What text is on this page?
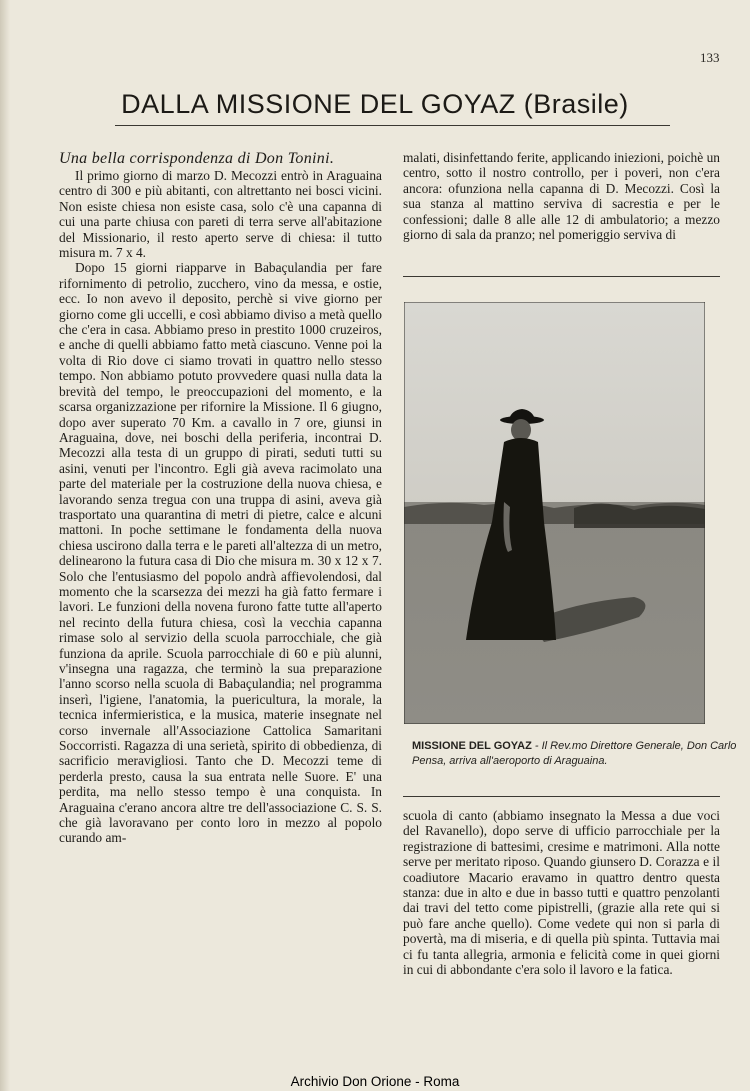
133
DALLA MISSIONE DEL GOYAZ (Brasile)

Una bella corrispondenza di Don Tonini.

Il primo giorno di marzo D. Mecozzi entrò in Araguaina centro di 300 e più abitanti, con altrettanto nei bosci vicini. Non esiste chiesa non esiste casa, solo c'è una capanna di cui una parte chiusa con pareti di terra serve all'abitazione del Missionario, il resto aperto serve di chiesa: il tutto misura m. 7 x 4.

Dopo 15 giorni riapparve in Babaçulandia per fare rifornimento di petrolio, zucchero, vino da messa, e ostie, ecc. Io non avevo il deposito, perchè si vive giorno per giorno come gli uccelli, e così abbiamo diviso a metà quello che c'era in casa. Abbiamo preso in prestito 1000 cruzeiros, e anche di quelli abbiamo fatto metà ciascuno. Venne poi la volta di Rio dove ci siamo trovati in quattro nello stesso tempo. Non abbiamo potuto provvedere quasi nulla data la brevità del tempo, le preoccupazioni del momento, e la scarsa organizzazione per rifornire la Missione. Il 6 giugno, dopo aver superato 70 Km. a cavallo in 7 ore, giunsi in Araguaina, dove, nei boschi della periferia, incontrai D. Mecozzi alla testa di un gruppo di pirati, seduti tutti su asini, venuti per l'incontro. Egli già aveva racimolato una parte del materiale per la costruzione della nuova chiesa, e lavorando senza tregua con una truppa di asini, aveva già trasportato una quarantina di metri di pietre, calce e alcuni mattoni. In poche settimane le fondamenta della nuova chiesa uscirono dalla terra e le pareti all'altezza di un metro, delinearono la futura casa di Dio che misura m. 30 x 12 x 7. Solo che l'entusiasmo del popolo andrà affievolendosi, dal momento che la scarsezza dei mezzi ha già fatto fermare i lavori. Le funzioni della novena furono fatte tutte all'aperto nel recinto della futura chiesa, così la vecchia capanna rimase solo al servizio della scuola parrocchiale, che già funziona da aprile. Scuola parrocchiale di 60 e più alunni, v'insegna una ragazza, che terminò la sua preparazione l'anno scorso nella scuola di Babaçulandia; nel programma inserì, l'igiene, l'anatomia, la puericultura, la morale, la tecnica infermieristica, e la musica, materie insegnate nel corso invernale all'Associazione Cattolica Samaritani Soccorristi. Ragazza di una serietà, spirito di obbedienza, di sacrificio meravigliosi. Tanto che D. Mecozzi teme di perderla presto, causa la sua entrata nelle Suore. E' una perdita, ma nello stesso tempo è una conquista. In Araguaina c'erano ancora altre tre dell'associazione C. S. S. che già lavoravano per conto loro in mezzo al popolo curando am-

malati, disinfettando ferite, applicando iniezioni, poichè un centro, sotto il nostro controllo, per i poveri, non c'era ancora: ofunziona nella capanna di D. Mecozzi. Così la sua stanza al mattino serviva di sacrestia e per le confessioni; dalle 8 alle alle 12 di ambulatorio; a mezzo giorno di sala da pranzo; nel pomeriggio serviva di

MISSIONE DEL GOYAZ - Il Rev.mo Direttore Generale, Don Carlo Pensa, arriva all'aeroporto di Araguaina.

scuola di canto (abbiamo insegnato la Messa a due voci del Ravanello), dopo serve di ufficio parrocchiale per la registrazione di battesimi, cresime e matrimoni. Alla notte serve per meritato riposo. Quando giunsero D. Corazza e il coadiutore Macario eravamo in quattro dentro questa stanza: due in alto e due in basso tutti e quattro penzolanti dai travi del tetto come pipistrelli, (grazie alla rete qui si può fare anche quello). Come vedete qui non si parla di povertà, ma di miseria, e di quella più spinta. Tuttavia mai ci fu tanta allegria, armonia e felicità come in quei giorni in cui di abbondante c'era solo il lavoro e la fatica.

Archivio Don Orione - Roma
